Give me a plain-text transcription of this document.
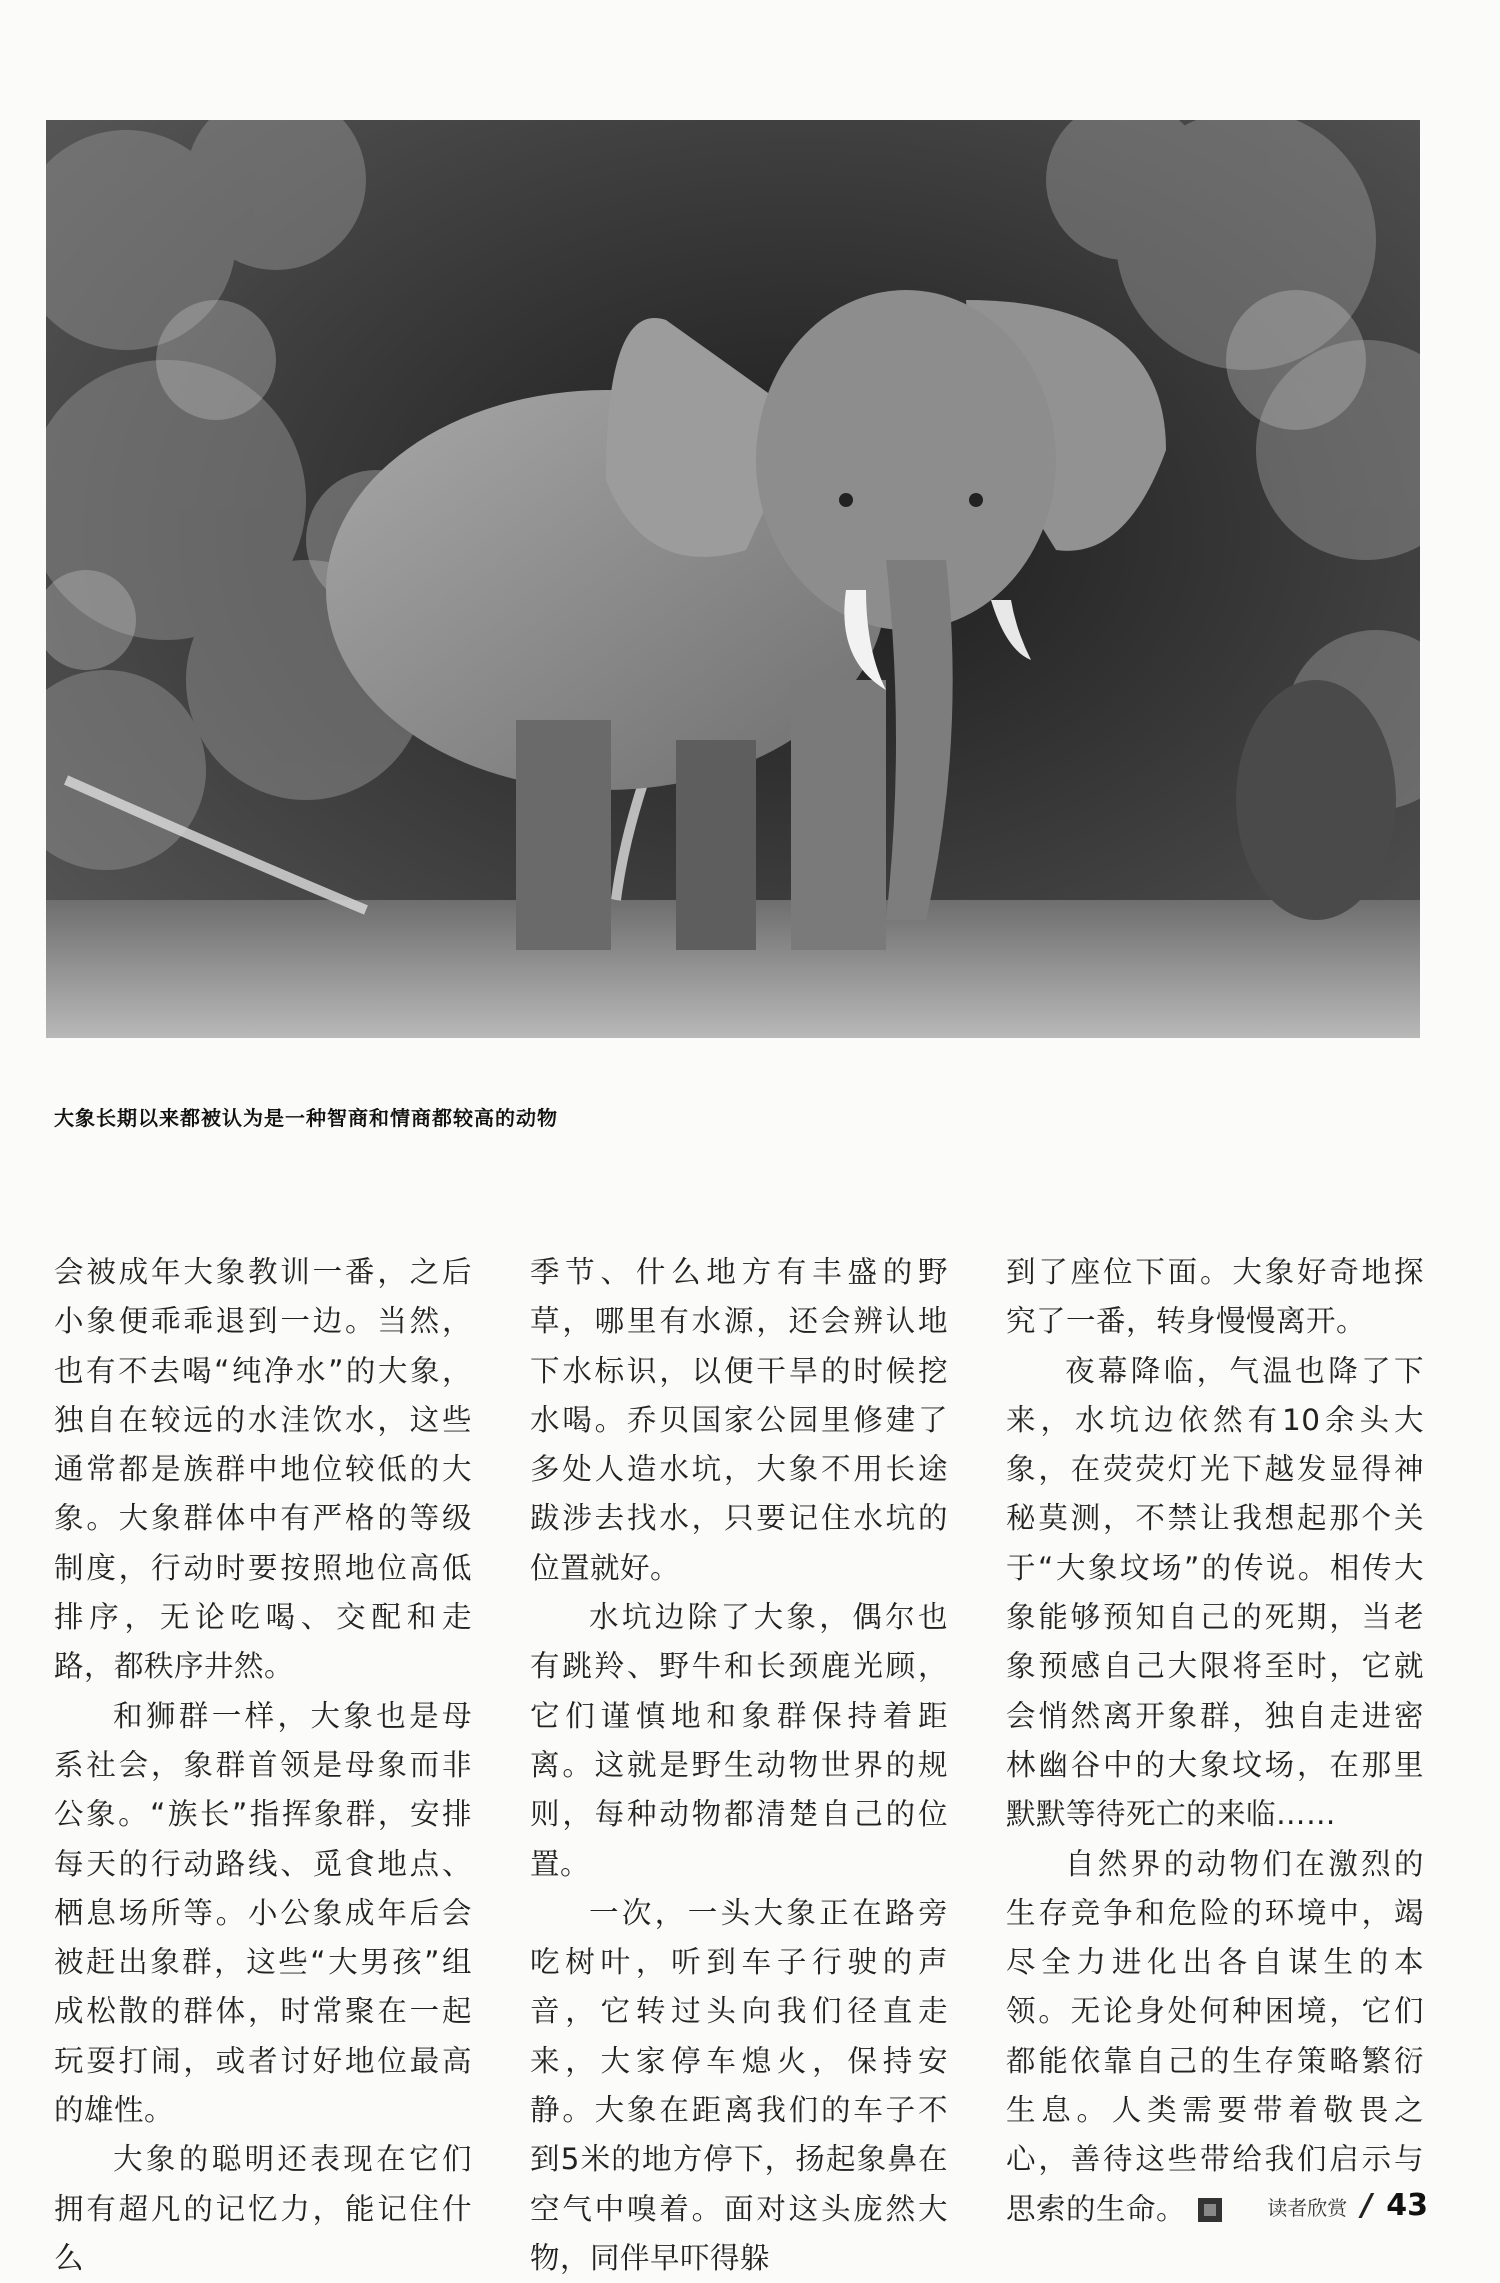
大象长期以来都被认为是一种智商和情商都较高的动物

会被成年大象教训一番，之后小象便乖乖退到一边。当然，也有不去喝“纯净水”的大象，独自在较远的水洼饮水，这些通常都是族群中地位较低的大象。大象群体中有严格的等级制度，行动时要按照地位高低排序，无论吃喝、交配和走路，都秩序井然。

和狮群一样，大象也是母系社会，象群首领是母象而非公象。“族长”指挥象群，安排每天的行动路线、觅食地点、栖息场所等。小公象成年后会被赶出象群，这些“大男孩”组成松散的群体，时常聚在一起玩耍打闹，或者讨好地位最高的雄性。

大象的聪明还表现在它们拥有超凡的记忆力，能记住什么

季节、什么地方有丰盛的野草，哪里有水源，还会辨认地下水标识，以便干旱的时候挖水喝。乔贝国家公园里修建了多处人造水坑，大象不用长途跋涉去找水，只要记住水坑的位置就好。

水坑边除了大象，偶尔也有跳羚、野牛和长颈鹿光顾，它们谨慎地和象群保持着距离。这就是野生动物世界的规则，每种动物都清楚自己的位置。

一次，一头大象正在路旁吃树叶，听到车子行驶的声音，它转过头向我们径直走来，大家停车熄火，保持安静。大象在距离我们的车子不到5米的地方停下，扬起象鼻在空气中嗅着。面对这头庞然大物，同伴早吓得躲

到了座位下面。大象好奇地探究了一番，转身慢慢离开。

夜幕降临，气温也降了下来，水坑边依然有10余头大象，在荧荧灯光下越发显得神秘莫测，不禁让我想起那个关于“大象坟场”的传说。相传大象能够预知自己的死期，当老象预感自己大限将至时，它就会悄然离开象群，独自走进密林幽谷中的大象坟场，在那里默默等待死亡的来临……

自然界的动物们在激烈的生存竞争和危险的环境中，竭尽全力进化出各自谋生的本领。无论身处何种困境，它们都能依靠自己的生存策略繁衍生息。人类需要带着敬畏之心，善待这些带给我们启示与思索的生命。	读者欣赏 / 43
